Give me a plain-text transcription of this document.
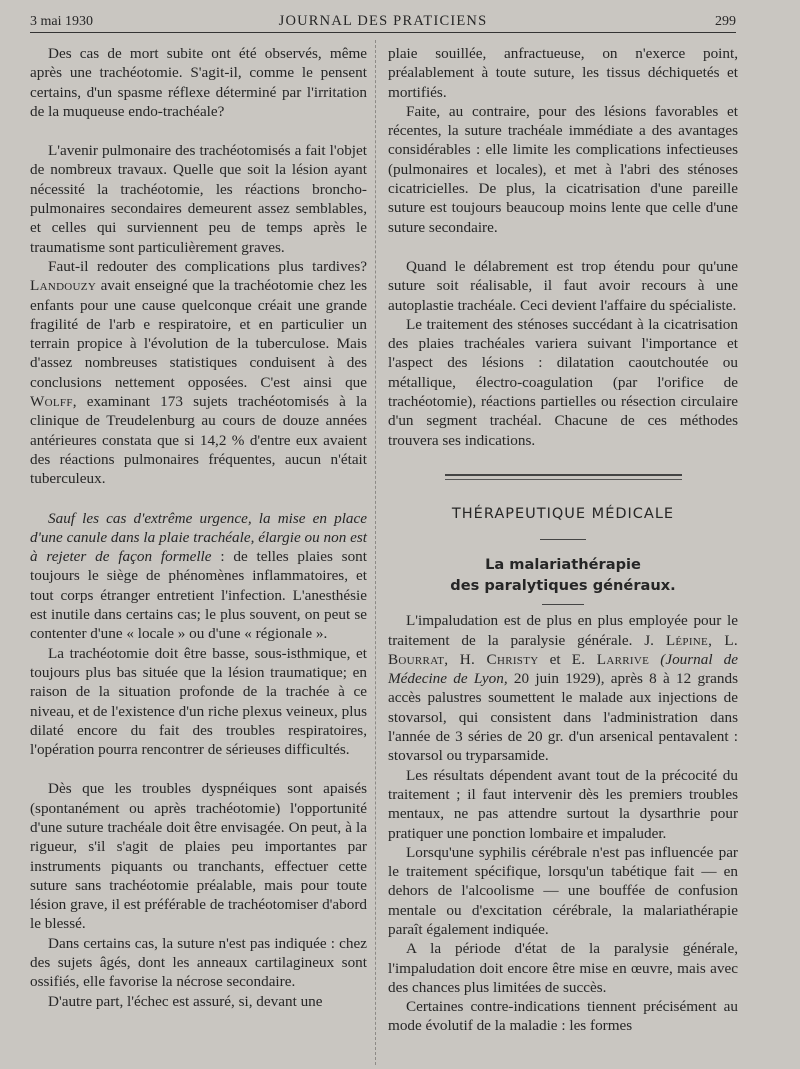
3 mai 1930	JOURNAL DES PRATICIENS	299

Des cas de mort subite ont été observés, même après une trachéotomie. S'agit-il, comme le pensent certains, d'un spasme réflexe déterminé par l'irritation de la muqueuse endo-trachéale?

L'avenir pulmonaire des trachéotomisés a fait l'objet de nombreux travaux. Quelle que soit la lésion ayant nécessité la trachéotomie, les réactions broncho-pulmonaires secondaires demeurent assez semblables, et celles qui surviennent peu de temps après le traumatisme sont particulièrement graves.

Faut-il redouter des complications plus tardives? Landouzy avait enseigné que la trachéotomie chez les enfants pour une cause quelconque créait une grande fragilité de l'arb e respiratoire, et en particulier un terrain propice à l'évolution de la tuberculose. Mais d'assez nombreuses statistiques conduisent à des conclusions nettement opposées. C'est ainsi que Wolff, examinant 173 sujets trachéotomisés à la clinique de Treudelenburg au cours de douze années antérieures constata que si 14,2 % d'entre eux avaient des réactions pulmonaires fréquentes, aucun n'était tuberculeux.

Sauf les cas d'extrême urgence, la mise en place d'une canule dans la plaie trachéale, élargie ou non est à rejeter de façon formelle : de telles plaies sont toujours le siège de phénomènes inflammatoires, et tout corps étranger entretient l'infection. L'anesthésie est inutile dans certains cas; le plus souvent, on peut se contenter d'une « locale » ou d'une « régionale ».

La trachéotomie doit être basse, sous-isthmique, et toujours plus bas située que la lésion traumatique; en raison de la situation profonde de la trachée à ce niveau, et de l'existence d'un riche plexus veineux, plus dilaté encore du fait des troubles respiratoires, l'opération pourra rencontrer de sérieuses difficultés.

Dès que les troubles dyspnéiques sont apaisés (spontanément ou après trachéotomie) l'opportunité d'une suture trachéale doit être envisagée. On peut, à la rigueur, s'il s'agit de plaies peu importantes par instruments piquants ou tranchants, effectuer cette suture sans trachéotomie préalable, mais pour toute lésion grave, il est préférable de trachéotomiser d'abord le blessé.

Dans certains cas, la suture n'est pas indiquée : chez des sujets âgés, dont les anneaux cartilagineux sont ossifiés, elle favorise la nécrose secondaire.

D'autre part, l'échec est assuré, si, devant une

plaie souillée, anfractueuse, on n'exerce point, préalablement à toute suture, les tissus déchiquetés et mortifiés.

Faite, au contraire, pour des lésions favorables et récentes, la suture trachéale immédiate a des avantages considérables : elle limite les complications infectieuses (pulmonaires et locales), et met à l'abri des sténoses cicatricielles. De plus, la cicatrisation d'une pareille suture est toujours beaucoup moins lente que celle d'une suture secondaire.

Quand le délabrement est trop étendu pour qu'une suture soit réalisable, il faut avoir recours à une autoplastie trachéale. Ceci devient l'affaire du spécialiste.

Le traitement des sténoses succédant à la cicatrisation des plaies trachéales variera suivant l'importance et l'aspect des lésions : dilatation caoutchoutée ou métallique, électro-coagulation (par l'orifice de trachéotomie), réactions partielles ou résection circulaire d'un segment trachéal. Chacune de ces méthodes trouvera ses indications.

THÉRAPEUTIQUE MÉDICALE
La malariathérapie
des paralytiques généraux.

L'impaludation est de plus en plus employée pour le traitement de la paralysie générale. J. Lépine, L. Bourrat, H. Christy et E. Larrive (Journal de Médecine de Lyon, 20 juin 1929), après 8 à 12 grands accès palustres soumettent le malade aux injections de stovarsol, qui consistent dans l'administration dans l'année de 3 séries de 20 gr. d'un arsenical pentavalent : stovarsol ou tryparsamide.

Les résultats dépendent avant tout de la précocité du traitement ; il faut intervenir dès les premiers troubles mentaux, ne pas attendre surtout la dysarthrie pour pratiquer une ponction lombaire et impaluder.

Lorsqu'une syphilis cérébrale n'est pas influencée par le traitement spécifique, lorsqu'un tabétique fait — en dehors de l'alcoolisme — une bouffée de confusion mentale ou d'excitation cérébrale, la malariathérapie paraît également indiquée.

A la période d'état de la paralysie générale, l'impaludation doit encore être mise en œuvre, mais avec des chances plus limitées de succès.

Certaines contre-indications tiennent précisément au mode évolutif de la maladie : les formes
